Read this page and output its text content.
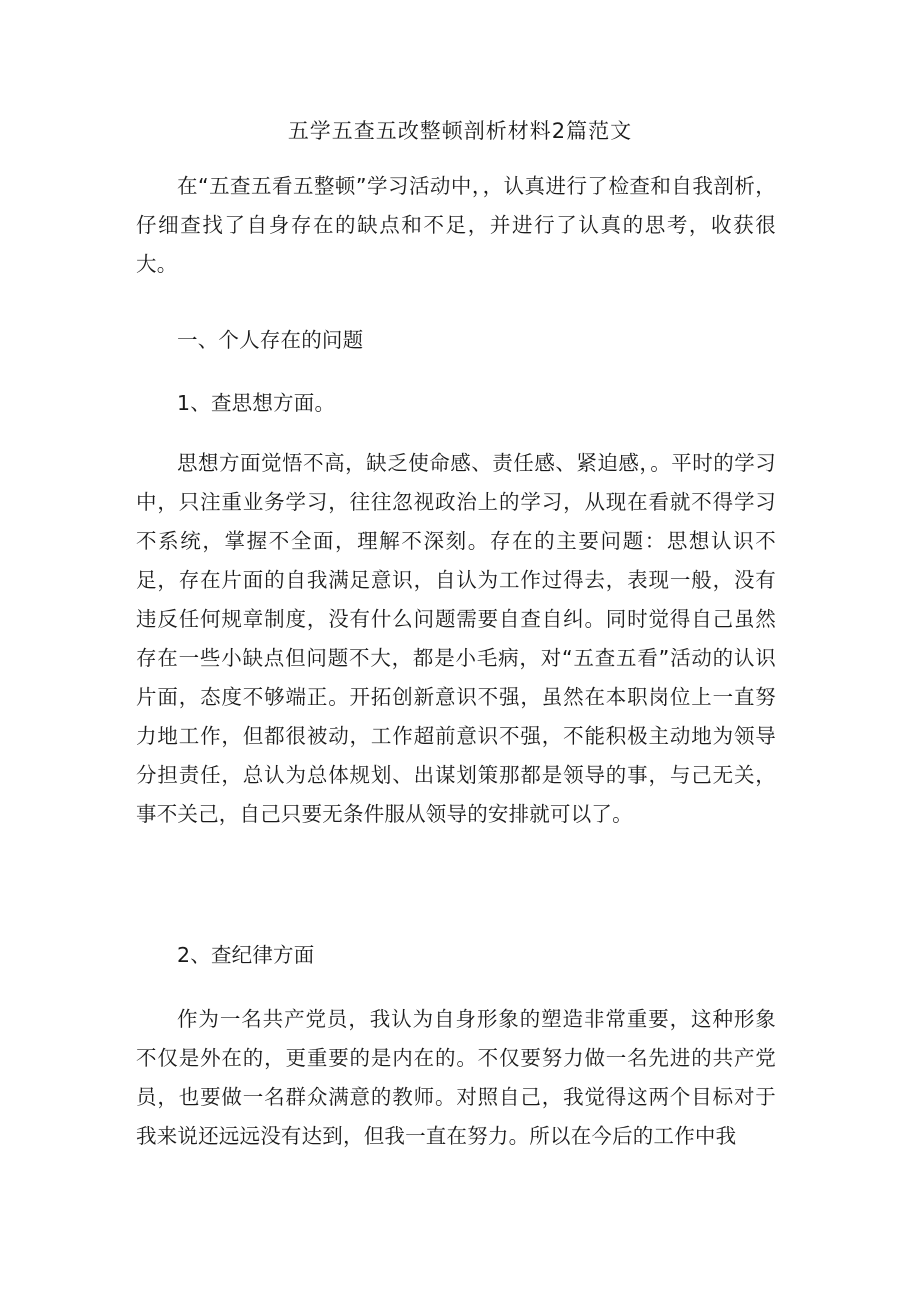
五学五查五改整顿剖析材料2篇范文

在“五查五看五整顿”学习活动中，，认真进行了检查和自我剖析，仔细查找了自身存在的缺点和不足，并进行了认真的思考，收获很大。

一、个人存在的问题

1、查思想方面。

思想方面觉悟不高，缺乏使命感、责任感、紧迫感，。平时的学习中，只注重业务学习，往往忽视政治上的学习，从现在看就不得学习不系统，掌握不全面，理解不深刻。存在的主要问题：思想认识不足，存在片面的自我满足意识，自认为工作过得去，表现一般，没有违反任何规章制度，没有什么问题需要自查自纠。同时觉得自己虽然存在一些小缺点但问题不大，都是小毛病，对“五查五看”活动的认识片面，态度不够端正。开拓创新意识不强，虽然在本职岗位上一直努力地工作，但都很被动，工作超前意识不强，不能积极主动地为领导分担责任，总认为总体规划、出谋划策那都是领导的事，与己无关，事不关己，自己只要无条件服从领导的安排就可以了。

2、查纪律方面

作为一名共产党员，我认为自身形象的塑造非常重要，这种形象不仅是外在的，更重要的是内在的。不仅要努力做一名先进的共产党员，也要做一名群众满意的教师。对照自己，我觉得这两个目标对于我来说还远远没有达到，但我一直在努力。所以在今后的工作中我
